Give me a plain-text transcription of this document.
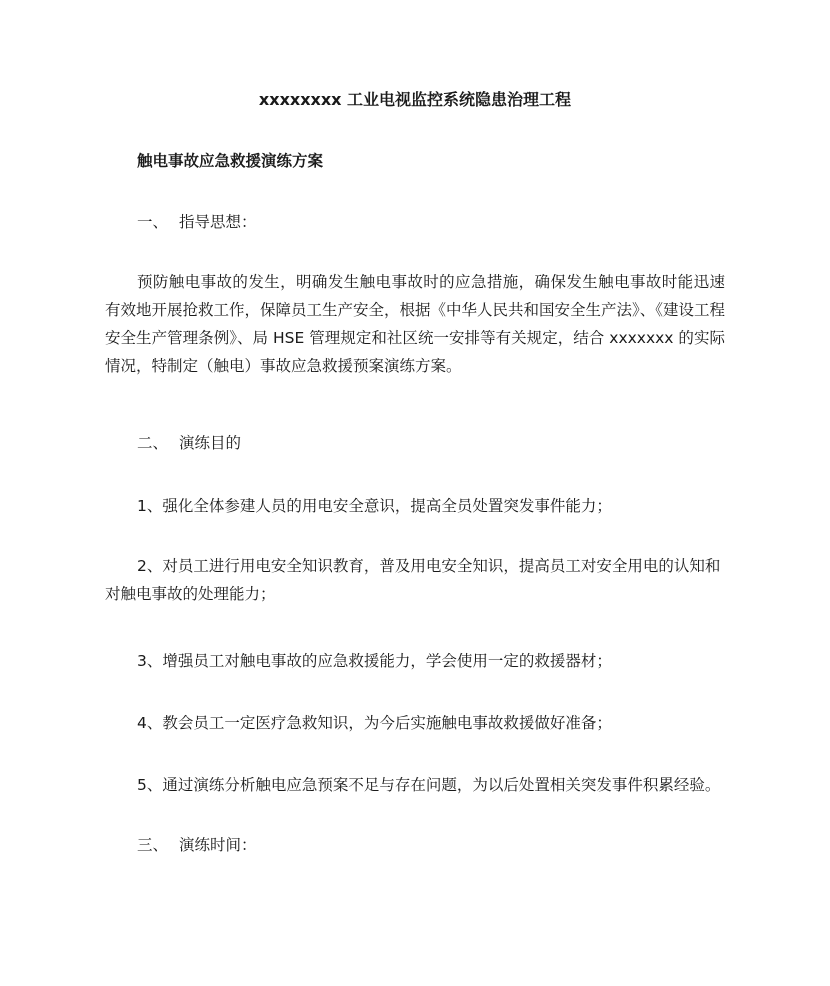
xxxxxxxx 工业电视监控系统隐患治理工程
触电事故应急救援演练方案
一、 指导思想：
预防触电事故的发生，明确发生触电事故时的应急措施，确保发生触电事故时能迅速有效地开展抢救工作，保障员工生产安全，根据《中华人民共和国安全生产法》、《建设工程安全生产管理条例》、局 HSE 管理规定和社区统一安排等有关规定，结合 xxxxxxx 的实际情况，特制定（触电）事故应急救援预案演练方案。
二、 演练目的
1、强化全体参建人员的用电安全意识，提高全员处置突发事件能力；
2、对员工进行用电安全知识教育，普及用电安全知识，提高员工对安全用电的认知和对触电事故的处理能力；
3、增强员工对触电事故的应急救援能力，学会使用一定的救援器材；
4、教会员工一定医疗急救知识，为今后实施触电事故救援做好准备；
5、通过演练分析触电应急预案不足与存在问题，为以后处置相关突发事件积累经验。
三、 演练时间：
